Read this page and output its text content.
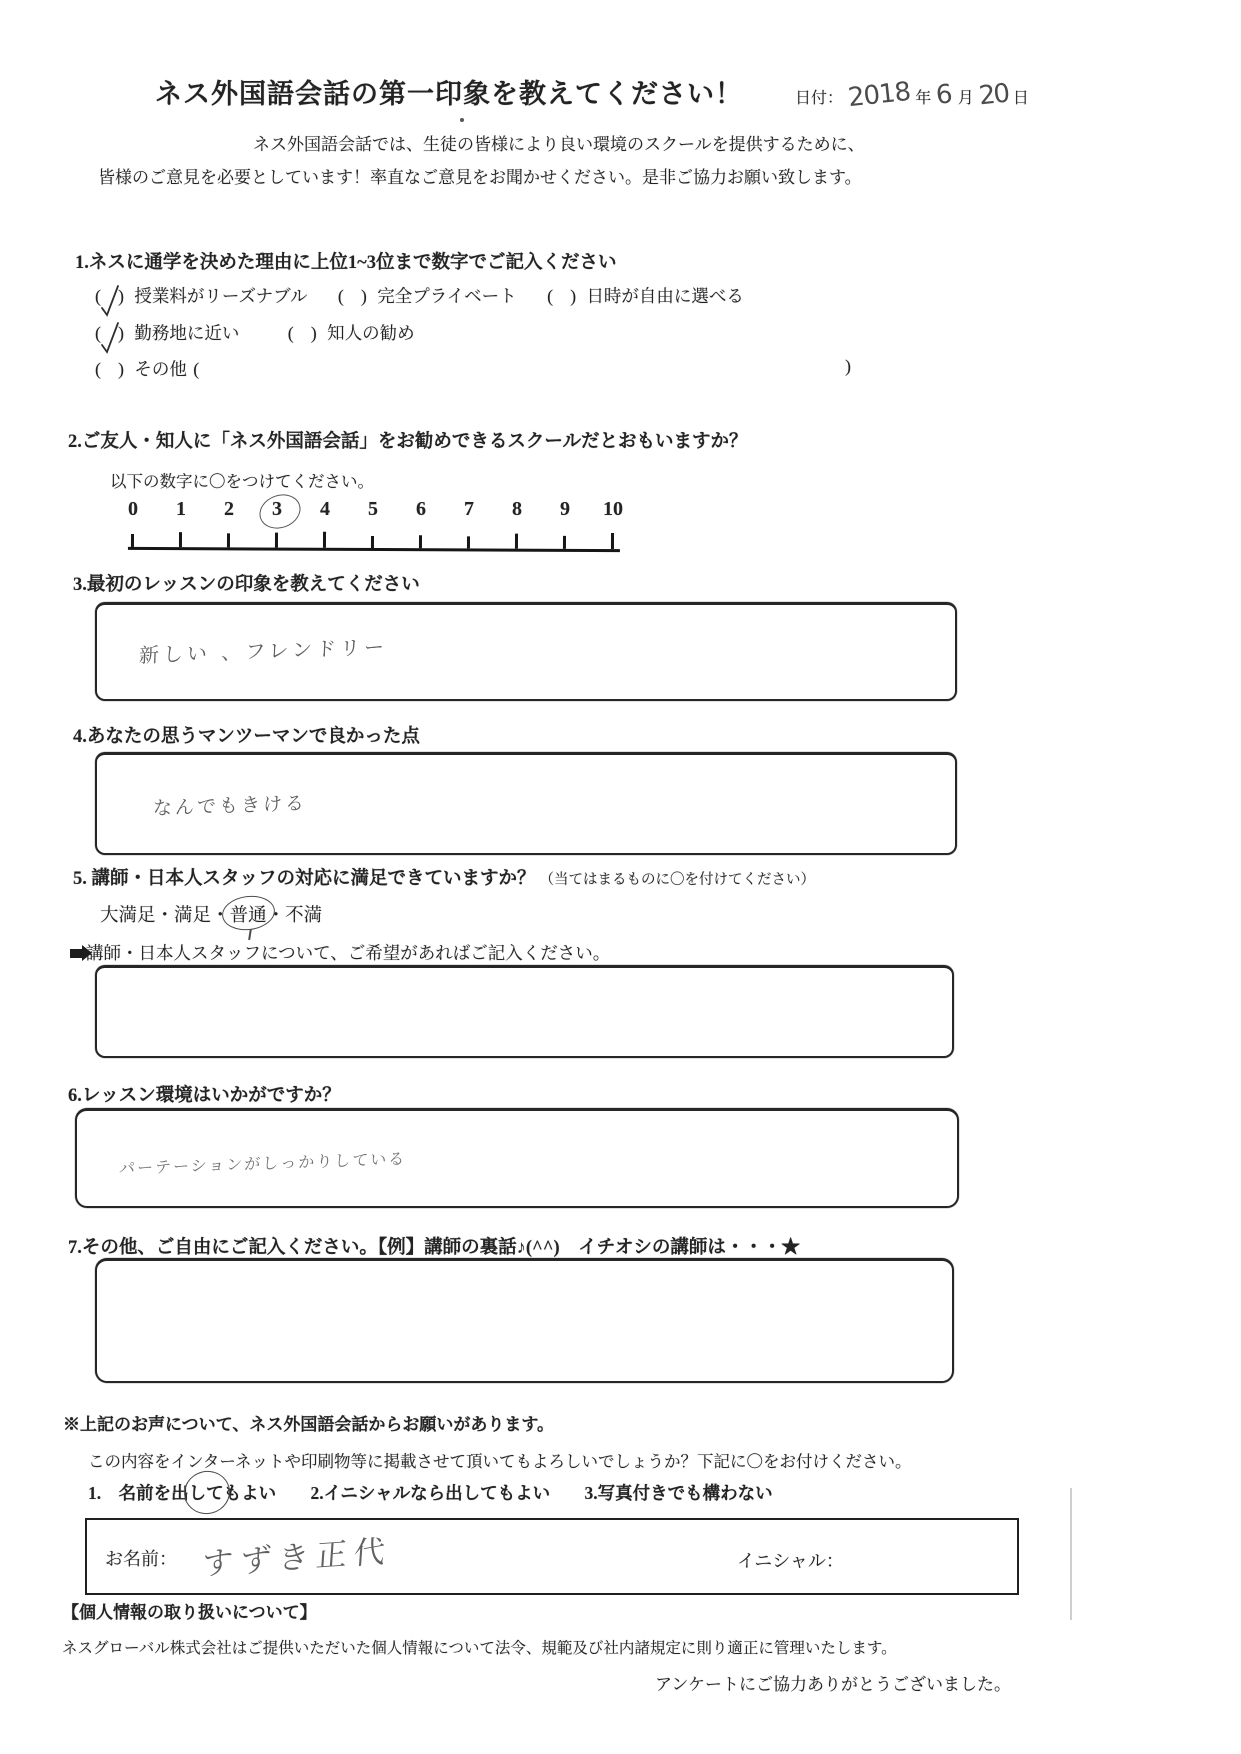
ネス外国語会話の第一印象を教えてください！	日付： 2018 年 6 月 20 日
ネス外国語会話では、生徒の皆様により良い環境のスクールを提供するために、
皆様のご意見を必要としています！率直なご意見をお聞かせください。是非ご協力お願い致します。
1.ネスに通学を決めた理由に上位1~3位まで数字でご記入ください
( ) 授業料がリーズナブル ( ) 完全プライベート ( ) 日時が自由に選べる
( ) 勤務地に近い	( ) 知人の勧め
( ) その他 (	)
2.ご友人・知人に「ネス外国語会話」をお勧めできるスクールだとおもいますか？
以下の数字に〇をつけてください。
0	1	2	3	4	5	6	7	8	9	10
3.最初のレッスンの印象を教えてください
新しい 、フレンドリー
4.あなたの思うマンツーマンで良かった点
なんでもきける
5. 講師・日本人スタッフの対応に満足できていますか？ （当てはまるものに〇を付けてください）
大満足・満足・普通・不満
講師・日本人スタッフについて、ご希望があればご記入ください。
6.レッスン環境はいかがですか？
パーテーションがしっかりしている
7.その他、ご自由にご記入ください。【例】講師の裏話♪(^^)　イチオシの講師は・・・★
※上記のお声について、ネス外国語会話からお願いがあります。
この内容をインターネットや印刷物等に掲載させて頂いてもよろしいでしょうか？下記に〇をお付けください。
1.　名前を出してもよい 2.イニシャルなら出してもよい 3.写真付きでも構わない
お名前： すずき正代	イニシャル：
【個人情報の取り扱いについて】
ネスグローバル株式会社はご提供いただいた個人情報について法令、規範及び社内諸規定に則り適正に管理いたします。
アンケートにご協力ありがとうございました。
